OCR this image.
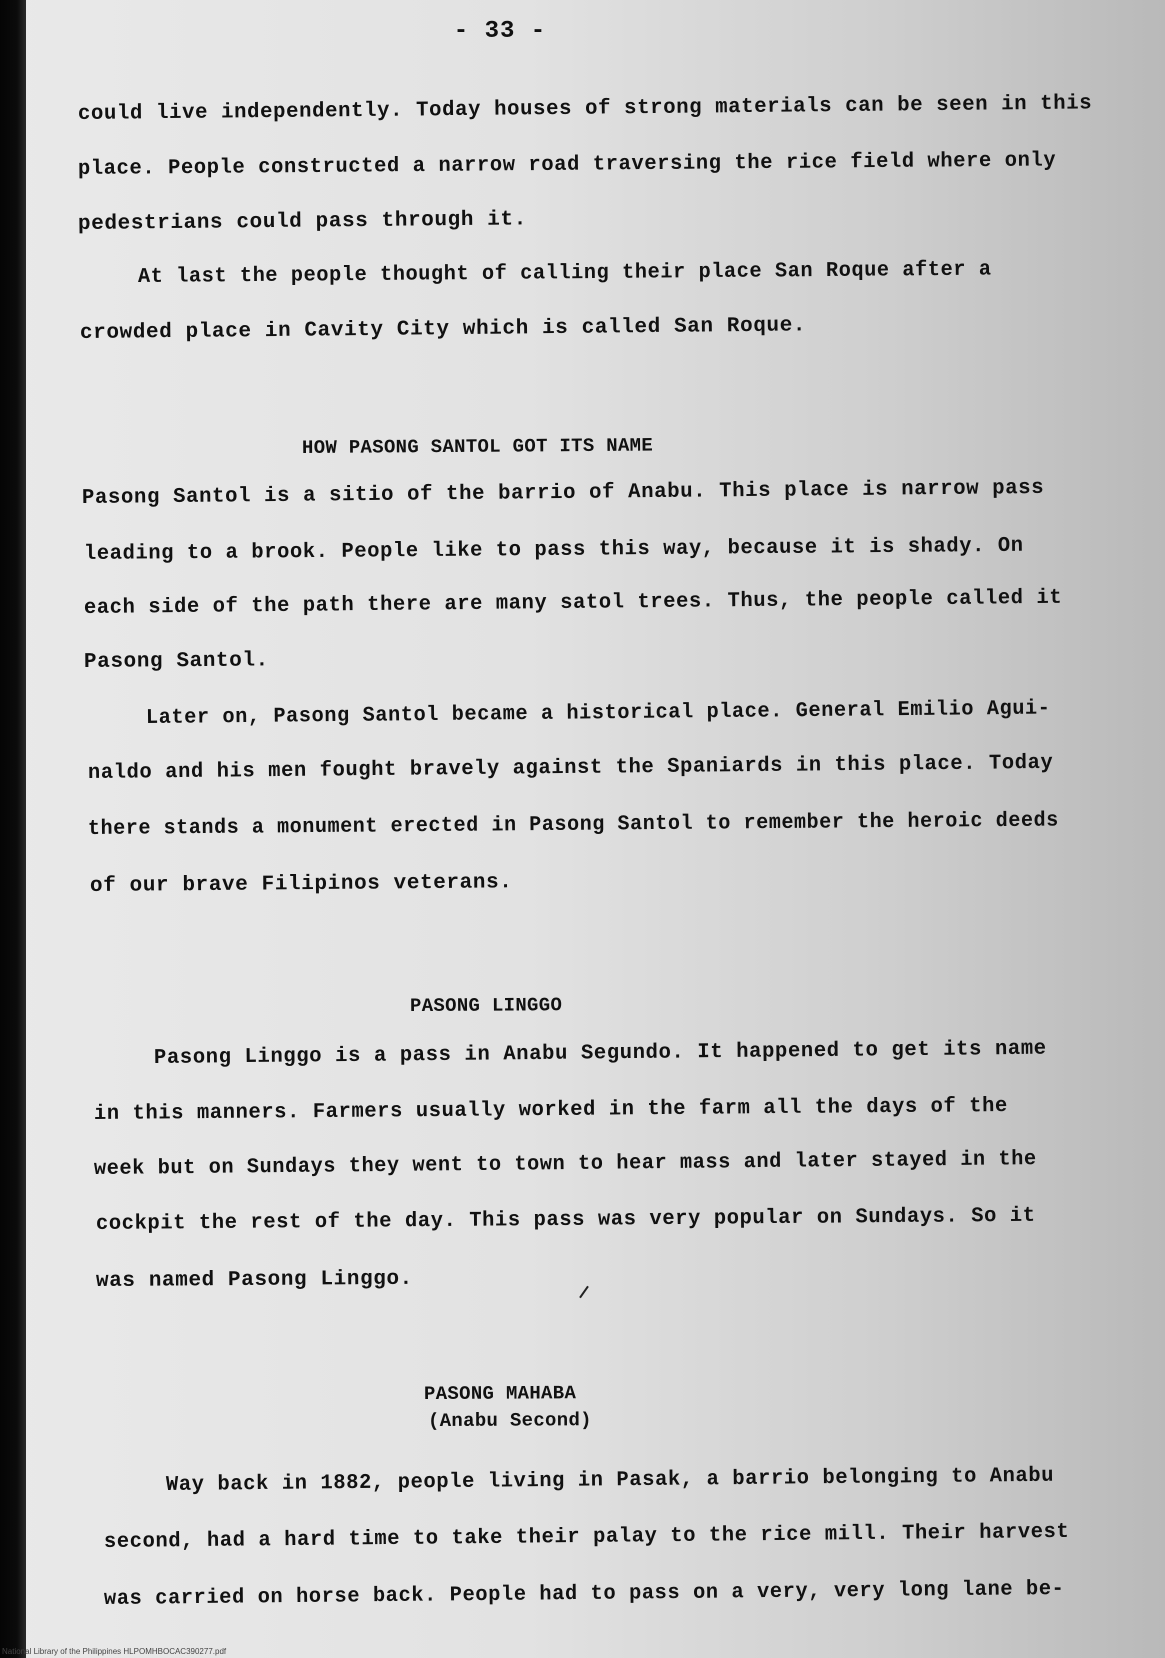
- 33 -
could live independently. Today houses of strong materials can be seen in this
place. People constructed a narrow road traversing the rice field where only
pedestrians could pass through it.
At last the people thought of calling their place San Roque after a
crowded place in Cavity City which is called San Roque.
HOW PASONG SANTOL GOT ITS NAME
Pasong Santol is a sitio of the barrio of Anabu. This place is narrow pass
leading to a brook. People like to pass this way, because it is shady. On
each side of the path there are many satol trees. Thus, the people called it
Pasong Santol.
Later on, Pasong Santol became a historical place. General Emilio Agui-
naldo and his men fought bravely against the Spaniards in this place. Today
there stands a monument erected in Pasong Santol to remember the heroic deeds
of our brave Filipinos veterans.
PASONG LINGGO
Pasong Linggo is a pass in Anabu Segundo. It happened to get its name
in this manners. Farmers usually worked in the farm all the days of the
week but on Sundays they went to town to hear mass and later stayed in the
cockpit the rest of the day. This pass was very popular on Sundays. So it
was named Pasong Linggo.
PASONG MAHABA
(Anabu Second)
Way back in 1882, people living in Pasak, a barrio belonging to Anabu
second, had a hard time to take their palay to the rice mill. Their harvest
was carried on horse back. People had to pass on a very, very long lane be-
National Library of the Philippines HLPOMHBOCAC390277.pdf
